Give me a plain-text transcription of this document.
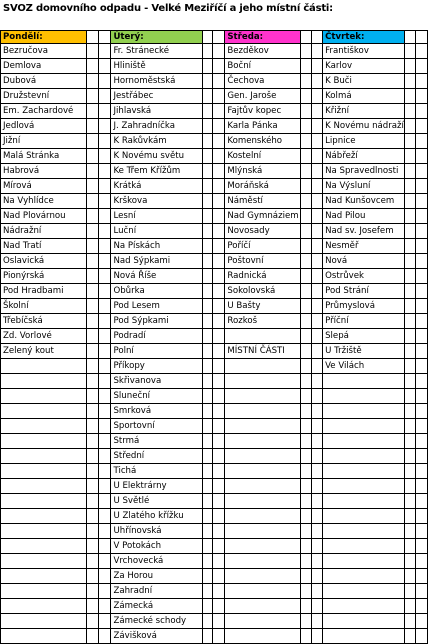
SVOZ domovního odpadu - Velké Meziříčí a jeho místní části:
Pondělí:			Úterý:			Středa:			Čtvrtek:		
Bezručova			Fr. Stránecké			Bezděkov			Františkov		
Demlova			Hliniště			Boční			Karlov		
Dubová			Hornoměstská			Čechova			K Buči		
Družstevní			Jestřábec			Gen. Jaroše			Kolmá		
Em. Zachardové			Jihlavská			Fajtův kopec			Křižní		
Jedlová			J. Zahradníčka			Karla Pánka			K Novému nádraží		
Jižní			K Rakůvkám			Komenského			Lipnice		
Malá Stránka			K Novému světu			Kostelní			Nábřeží		
Habrová			Ke Třem Křížům			Mlýnská			Na Spravedlnosti		
Mírová			Krátká			Moráňská			Na Výsluní		
Na Vyhlídce			Krškova			Náměstí			Nad Kunšovcem		
Nad Plovárnou			Lesní			Nad Gymnáziem			Nad Pilou		
Nádražní			Luční			Novosady			Nad sv. Josefem		
Nad Tratí			Na Pískách			Poříčí			Nesměř		
Oslavická			Nad Sýpkami			Poštovní			Nová		
Pionýrská			Nová Říše			Radnická			Ostrůvek		
Pod Hradbami			Obůrka			Sokolovská			Pod Strání		
Školní			Pod Lesem			U Bašty			Průmyslová		
Třebíčská			Pod Sýpkami			Rozkoš			Příční		
Zd. Vorlové			Podradí						Slepá		
Zelený kout			Polní			MÍSTNÍ ČÁSTI			U Tržiště		
			Příkopy						Ve Vilách		
			Skřivanova								
			Sluneční								
			Smrková								
			Sportovní								
			Strmá								
			Střední								
			Tichá								
			U Elektrárny								
			U Světlé								
			U Zlatého křížku								
			Uhřínovská								
			V Potokách								
			Vrchovecká								
			Za Horou								
			Zahradní								
			Zámecká								
			Zámecké schody								
			Závišková								
